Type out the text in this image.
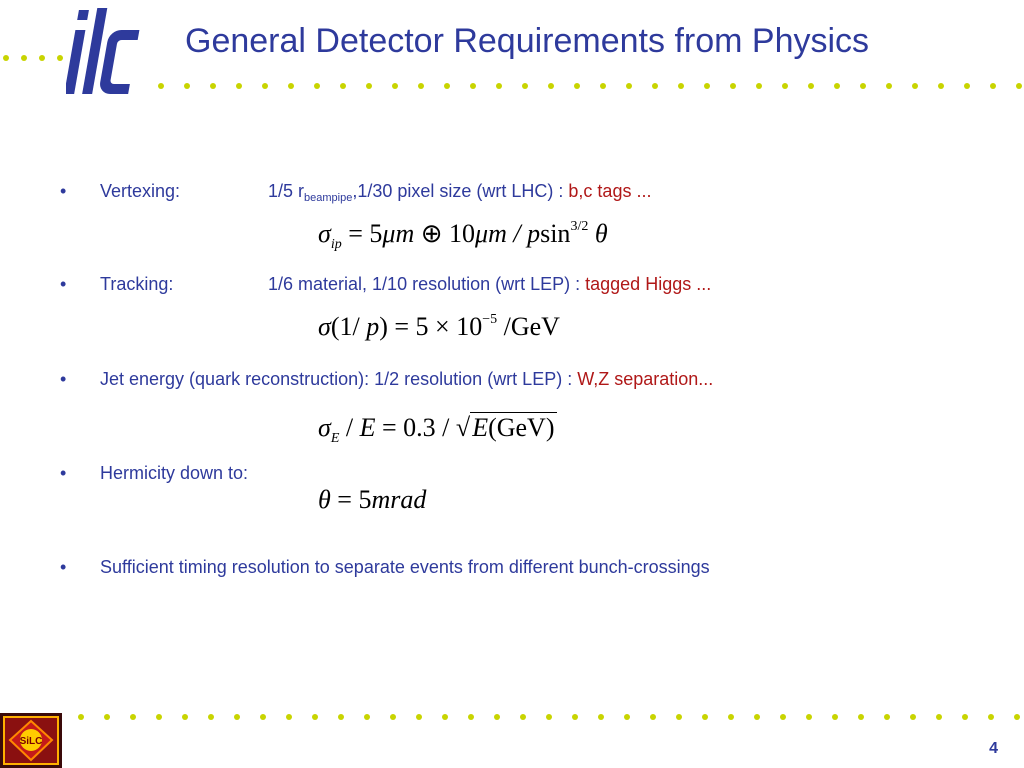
General Detector Requirements from Physics
• Vertexing:	1/5 $r_{beampipe},1/30$ pixel size (wrt LHC) : b,c tags ...
$\sigma_{ip} = 5\mu m$ ⊕ 10μm / psin$^{3/2}$ θ
• Tracking:	1/6 material, 1/10 resolution (wrt LEP) : tagged Higgs ...
σ(1/ $p) = 5 \times 10^{-5}$ /GeV
• Jet energy (quark reconstruction): 1/2 resolution (wrt LEP) : W,Z separation...
$\sigma_E / E = 0.3 / √E(GeV)$
• Hermicity down to:
θ = 5mrad
• Sufficient timing resolution to separate events from different bunch-crossings
SiLC	4
